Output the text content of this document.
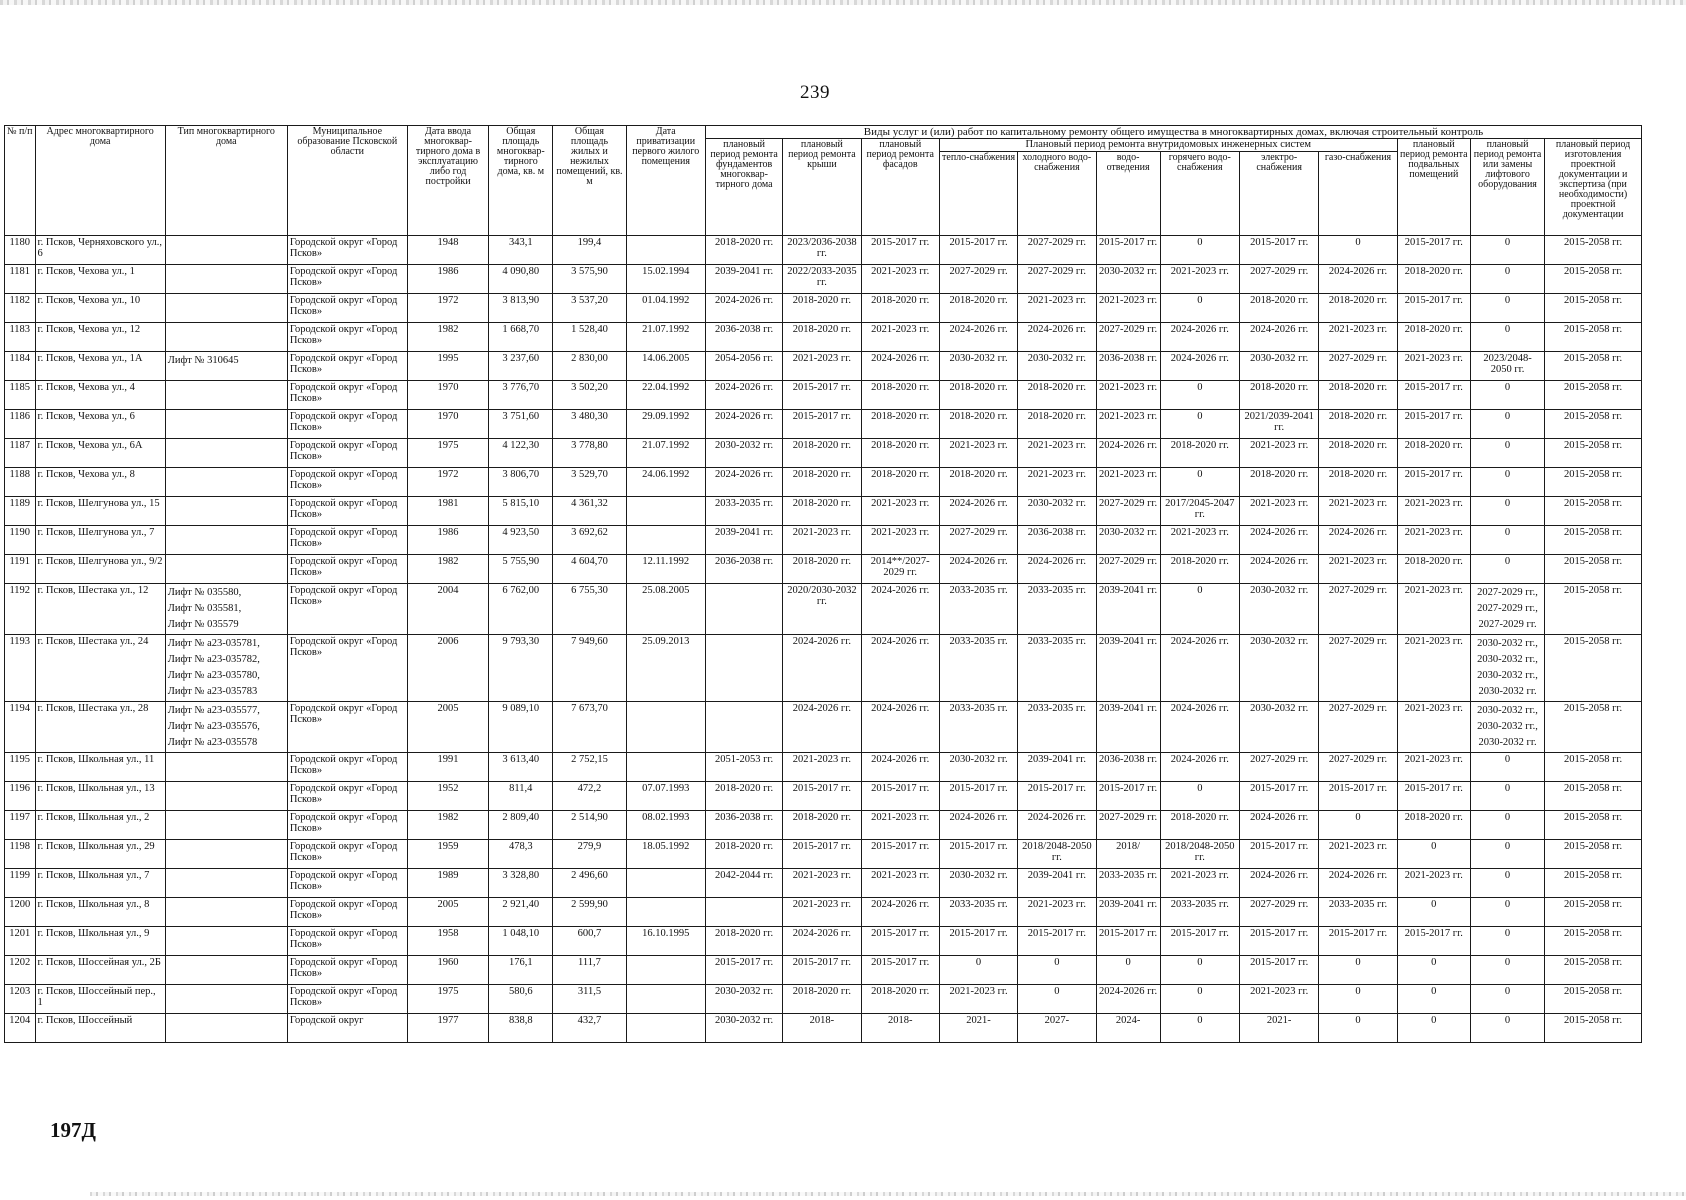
239
№ п/п	Адрес многоквартирного дома	Тип многоквартирного дома	Муниципальное образование Псковской области	Дата ввода многоквар-тирного дома в эксплуатацию либо год постройки	Общая площадь многоквар-тирного дома, кв. м	Общая площадь жилых и нежилых помещений, кв. м	Дата приватизации первого жилого помещения	Виды услуг и (или) работ по капитальному ремонту общего имущества в многоквартирных домах, включая строительный контроль											
								плановый период ремонта фундаментов многоквар-тирного дома	плановый период ремонта крыши	плановый период ремонта фасадов	Плановый период ремонта внутридомовых инженерных систем						плановый период ремонта подвальных помещений	плановый период ремонта или замены лифтового оборудования	плановый период изготовления проектной документации и экспертиза (при необходимости) проектной документации
											тепло-снабжения	холодного водо-снабжения	водо-отведения	горячего водо-снабжения	электро-снабжения	газо-снабжения			
1180	г. Псков, Черняховского ул., 6		Городской округ «Город Псков»	1948	343,1	199,4		2018-2020 гг.	2023/2036-2038 гг.	2015-2017 гг.	2015-2017 гг.	2027-2029 гг.	2015-2017 гг.	0	2015-2017 гг.	0	2015-2017 гг.	0	2015-2058 гг.
1181	г. Псков, Чехова ул., 1		Городской округ «Город Псков»	1986	4 090,80	3 575,90	15.02.1994	2039-2041 гг.	2022/2033-2035 гг.	2021-2023 гг.	2027-2029 гг.	2027-2029 гг.	2030-2032 гг.	2021-2023 гг.	2027-2029 гг.	2024-2026 гг.	2018-2020 гг.	0	2015-2058 гг.
1182	г. Псков, Чехова ул., 10		Городской округ «Город Псков»	1972	3 813,90	3 537,20	01.04.1992	2024-2026 гг.	2018-2020 гг.	2018-2020 гг.	2018-2020 гг.	2021-2023 гг.	2021-2023 гг.	0	2018-2020 гг.	2018-2020 гг.	2015-2017 гг.	0	2015-2058 гг.
1183	г. Псков, Чехова ул., 12		Городской округ «Город Псков»	1982	1 668,70	1 528,40	21.07.1992	2036-2038 гг.	2018-2020 гг.	2021-2023 гг.	2024-2026 гг.	2024-2026 гг.	2027-2029 гг.	2024-2026 гг.	2024-2026 гг.	2021-2023 гг.	2018-2020 гг.	0	2015-2058 гг.
1184	г. Псков, Чехова ул., 1А	Лифт № 310645	Городской округ «Город Псков»	1995	3 237,60	2 830,00	14.06.2005	2054-2056 гг.	2021-2023 гг.	2024-2026 гг.	2030-2032 гг.	2030-2032 гг.	2036-2038 гг.	2024-2026 гг.	2030-2032 гг.	2027-2029 гг.	2021-2023 гг.	2023/2048-2050 гг.	2015-2058 гг.
1185	г. Псков, Чехова ул., 4		Городской округ «Город Псков»	1970	3 776,70	3 502,20	22.04.1992	2024-2026 гг.	2015-2017 гг.	2018-2020 гг.	2018-2020 гг.	2018-2020 гг.	2021-2023 гг.	0	2018-2020 гг.	2018-2020 гг.	2015-2017 гг.	0	2015-2058 гг.
1186	г. Псков, Чехова ул., 6		Городской округ «Город Псков»	1970	3 751,60	3 480,30	29.09.1992	2024-2026 гг.	2015-2017 гг.	2018-2020 гг.	2018-2020 гг.	2018-2020 гг.	2021-2023 гг.	0	2021/2039-2041 гг.	2018-2020 гг.	2015-2017 гг.	0	2015-2058 гг.
1187	г. Псков, Чехова ул., 6А		Городской округ «Город Псков»	1975	4 122,30	3 778,80	21.07.1992	2030-2032 гг.	2018-2020 гг.	2018-2020 гг.	2021-2023 гг.	2021-2023 гг.	2024-2026 гг.	2018-2020 гг.	2021-2023 гг.	2018-2020 гг.	2018-2020 гг.	0	2015-2058 гг.
1188	г. Псков, Чехова ул., 8		Городской округ «Город Псков»	1972	3 806,70	3 529,70	24.06.1992	2024-2026 гг.	2018-2020 гг.	2018-2020 гг.	2018-2020 гг.	2021-2023 гг.	2021-2023 гг.	0	2018-2020 гг.	2018-2020 гг.	2015-2017 гг.	0	2015-2058 гг.
1189	г. Псков, Шелгунова ул., 15		Городской округ «Город Псков»	1981	5 815,10	4 361,32		2033-2035 гг.	2018-2020 гг.	2021-2023 гг.	2024-2026 гг.	2030-2032 гг.	2027-2029 гг.	2017/2045-2047 гг.	2021-2023 гг.	2021-2023 гг.	2021-2023 гг.	0	2015-2058 гг.
1190	г. Псков, Шелгунова ул., 7		Городской округ «Город Псков»	1986	4 923,50	3 692,62		2039-2041 гг.	2021-2023 гг.	2021-2023 гг.	2027-2029 гг.	2036-2038 гг.	2030-2032 гг.	2021-2023 гг.	2024-2026 гг.	2024-2026 гг.	2021-2023 гг.	0	2015-2058 гг.
1191	г. Псков, Шелгунова ул., 9/2		Городской округ «Город Псков»	1982	5 755,90	4 604,70	12.11.1992	2036-2038 гг.	2018-2020 гг.	2014**/2027-2029 гг.	2024-2026 гг.	2024-2026 гг.	2027-2029 гг.	2018-2020 гг.	2024-2026 гг.	2021-2023 гг.	2018-2020 гг.	0	2015-2058 гг.
1192	г. Псков, Шестака ул., 12	Лифт № 035580,
Лифт № 035581,
Лифт № 035579	Городской округ «Город Псков»	2004	6 762,00	6 755,30	25.08.2005		2020/2030-2032 гг.	2024-2026 гг.	2033-2035 гг.	2033-2035 гг.	2039-2041 гг.	0	2030-2032 гг.	2027-2029 гг.	2021-2023 гг.	2027-2029 гг.,
2027-2029 гг.,
2027-2029 гг.	2015-2058 гг.
1193	г. Псков, Шестака ул., 24	Лифт № а23-035781,
Лифт № а23-035782,
Лифт № а23-035780,
Лифт № а23-035783	Городской округ «Город Псков»	2006	9 793,30	7 949,60	25.09.2013		2024-2026 гг.	2024-2026 гг.	2033-2035 гг.	2033-2035 гг.	2039-2041 гг.	2024-2026 гг.	2030-2032 гг.	2027-2029 гг.	2021-2023 гг.	2030-2032 гг.,
2030-2032 гг.,
2030-2032 гг.,
2030-2032 гг.	2015-2058 гг.
1194	г. Псков, Шестака ул., 28	Лифт № а23-035577,
Лифт № а23-035576,
Лифт № а23-035578	Городской округ «Город Псков»	2005	9 089,10	7 673,70			2024-2026 гг.	2024-2026 гг.	2033-2035 гг.	2033-2035 гг.	2039-2041 гг.	2024-2026 гг.	2030-2032 гг.	2027-2029 гг.	2021-2023 гг.	2030-2032 гг.,
2030-2032 гг.,
2030-2032 гг.	2015-2058 гг.
1195	г. Псков, Школьная ул., 11		Городской округ «Город Псков»	1991	3 613,40	2 752,15		2051-2053 гг.	2021-2023 гг.	2024-2026 гг.	2030-2032 гг.	2039-2041 гг.	2036-2038 гг.	2024-2026 гг.	2027-2029 гг.	2027-2029 гг.	2021-2023 гг.	0	2015-2058 гг.
1196	г. Псков, Школьная ул., 13		Городской округ «Город Псков»	1952	811,4	472,2	07.07.1993	2018-2020 гг.	2015-2017 гг.	2015-2017 гг.	2015-2017 гг.	2015-2017 гг.	2015-2017 гг.	0	2015-2017 гг.	2015-2017 гг.	2015-2017 гг.	0	2015-2058 гг.
1197	г. Псков, Школьная ул., 2		Городской округ «Город Псков»	1982	2 809,40	2 514,90	08.02.1993	2036-2038 гг.	2018-2020 гг.	2021-2023 гг.	2024-2026 гг.	2024-2026 гг.	2027-2029 гг.	2018-2020 гг.	2024-2026 гг.	0	2018-2020 гг.	0	2015-2058 гг.
1198	г. Псков, Школьная ул., 29		Городской округ «Город Псков»	1959	478,3	279,9	18.05.1992	2018-2020 гг.	2015-2017 гг.	2015-2017 гг.	2015-2017 гг.	2018/2048-2050 гг.	2018/	2018/2048-2050 гг.	2015-2017 гг.	2021-2023 гг.	0	0	2015-2058 гг.
1199	г. Псков, Школьная ул., 7		Городской округ «Город Псков»	1989	3 328,80	2 496,60		2042-2044 гг.	2021-2023 гг.	2021-2023 гг.	2030-2032 гг.	2039-2041 гг.	2033-2035 гг.	2021-2023 гг.	2024-2026 гг.	2024-2026 гг.	2021-2023 гг.	0	2015-2058 гг.
1200	г. Псков, Школьная ул., 8		Городской округ «Город Псков»	2005	2 921,40	2 599,90			2021-2023 гг.	2024-2026 гг.	2033-2035 гг.	2021-2023 гг.	2039-2041 гг.	2033-2035 гг.	2027-2029 гг.	2033-2035 гг.	0	0	2015-2058 гг.
1201	г. Псков, Школьная ул., 9		Городской округ «Город Псков»	1958	1 048,10	600,7	16.10.1995	2018-2020 гг.	2024-2026 гг.	2015-2017 гг.	2015-2017 гг.	2015-2017 гг.	2015-2017 гг.	2015-2017 гг.	2015-2017 гг.	2015-2017 гг.	2015-2017 гг.	0	2015-2058 гг.
1202	г. Псков, Шоссейная ул., 2Б		Городской округ «Город Псков»	1960	176,1	111,7		2015-2017 гг.	2015-2017 гг.	2015-2017 гг.	0	0	0	0	2015-2017 гг.	0	0	0	2015-2058 гг.
1203	г. Псков, Шоссейный пер., 1		Городской округ «Город Псков»	1975	580,6	311,5		2030-2032 гг.	2018-2020 гг.	2018-2020 гг.	2021-2023 гг.	0	2024-2026 гг.	0	2021-2023 гг.	0	0	0	2015-2058 гг.
1204	г. Псков, Шоссейный		Городской округ	1977	838,8	432,7		2030-2032 гг.	2018-	2018-	2021-	2027-	2024-	0	2021-	0	0	0	2015-2058 гг.
197Д
